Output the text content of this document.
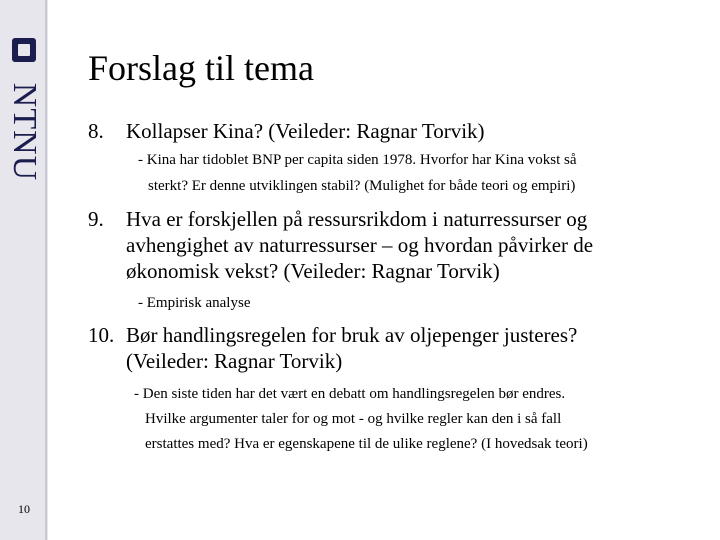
NTNU
10
Forslag til tema
8. Kollapser Kina? (Veileder: Ragnar Torvik)
- Kina har tidoblet BNP per capita siden 1978. Hvorfor har Kina vokst så
sterkt? Er denne utviklingen stabil? (Mulighet for både teori og empiri)
9. Hva er forskjellen på ressursrikdom i naturressurser og
avhengighet av naturressurser – og hvordan påvirker de
økonomisk vekst? (Veileder: Ragnar Torvik)
- Empirisk analyse
10. Bør handlingsregelen for bruk av oljepenger justeres?
(Veileder: Ragnar Torvik)
- Den siste tiden har det vært en debatt om handlingsregelen bør endres.
Hvilke argumenter taler for og mot - og hvilke regler kan den i så fall
erstattes med? Hva er egenskapene til de ulike reglene? (I hovedsak teori)
